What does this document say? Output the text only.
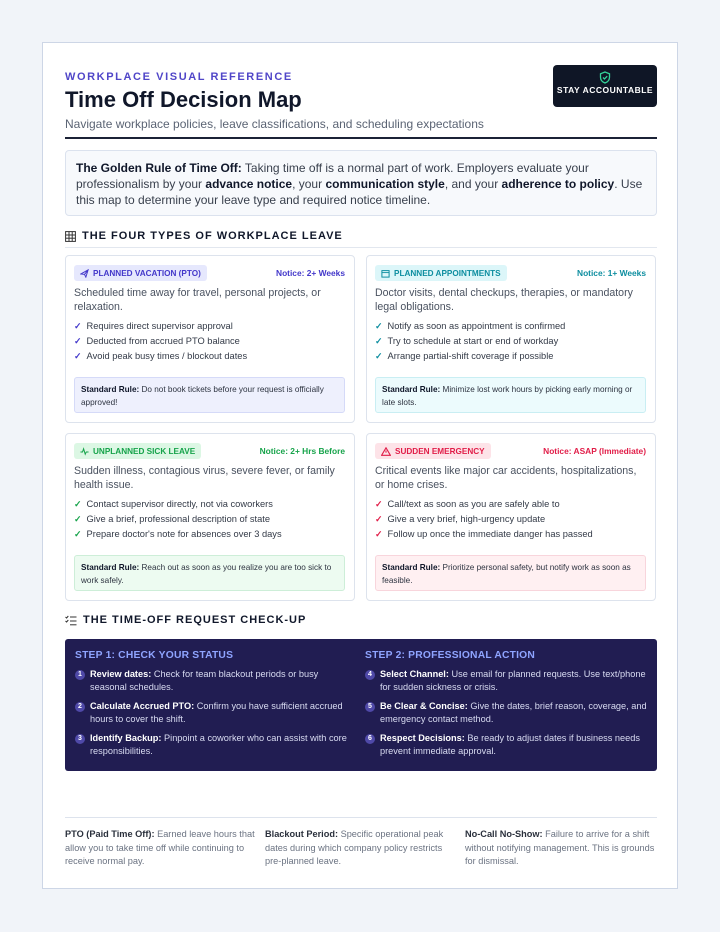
WORKPLACE VISUAL REFERENCE
Time Off Decision Map
Navigate workplace policies, leave classifications, and scheduling expectations
STAY ACCOUNTABLE
The Golden Rule of Time Off: Taking time off is a normal part of work. Employers evaluate your professionalism by your advance notice, your communication style, and your adherence to policy. Use this map to determine your leave type and required notice timeline.
THE FOUR TYPES OF WORKPLACE LEAVE
PLANNED VACATION (PTO)	Notice: 2+ Weeks
Scheduled time away for travel, personal projects, or relaxation.
✓ Requires direct supervisor approval
✓ Deducted from accrued PTO balance
✓ Avoid peak busy times / blockout dates
Standard Rule: Do not book tickets before your request is officially approved!
PLANNED APPOINTMENTS	Notice: 1+ Weeks
Doctor visits, dental checkups, therapies, or mandatory legal obligations.
✓ Notify as soon as appointment is confirmed
✓ Try to schedule at start or end of workday
✓ Arrange partial-shift coverage if possible
Standard Rule: Minimize lost work hours by picking early morning or late slots.
UNPLANNED SICK LEAVE	Notice: 2+ Hrs Before
Sudden illness, contagious virus, severe fever, or family health issue.
✓ Contact supervisor directly, not via coworkers
✓ Give a brief, professional description of state
✓ Prepare doctor's note for absences over 3 days
Standard Rule: Reach out as soon as you realize you are too sick to work safely.
SUDDEN EMERGENCY	Notice: ASAP (Immediate)
Critical events like major car accidents, hospitalizations, or home crises.
✓ Call/text as soon as you are safely able to
✓ Give a very brief, high-urgency update
✓ Follow up once the immediate danger has passed
Standard Rule: Prioritize personal safety, but notify work as soon as feasible.
THE TIME-OFF REQUEST CHECK-UP
STEP 1: CHECK YOUR STATUS
1 Review dates: Check for team blackout periods or busy seasonal schedules.
2 Calculate Accrued PTO: Confirm you have sufficient accrued hours to cover the shift.
3 Identify Backup: Pinpoint a coworker who can assist with core responsibilities.
STEP 2: PROFESSIONAL ACTION
4 Select Channel: Use email for planned requests. Use text/phone for sudden sickness or crisis.
5 Be Clear & Concise: Give the dates, brief reason, coverage, and emergency contact method.
6 Respect Decisions: Be ready to adjust dates if business needs prevent immediate approval.
PTO (Paid Time Off): Earned leave hours that allow you to take time off while continuing to receive normal pay.
Blackout Period: Specific operational peak dates during which company policy restricts pre-planned leave.
No-Call No-Show: Failure to arrive for a shift without notifying management. This is grounds for dismissal.
